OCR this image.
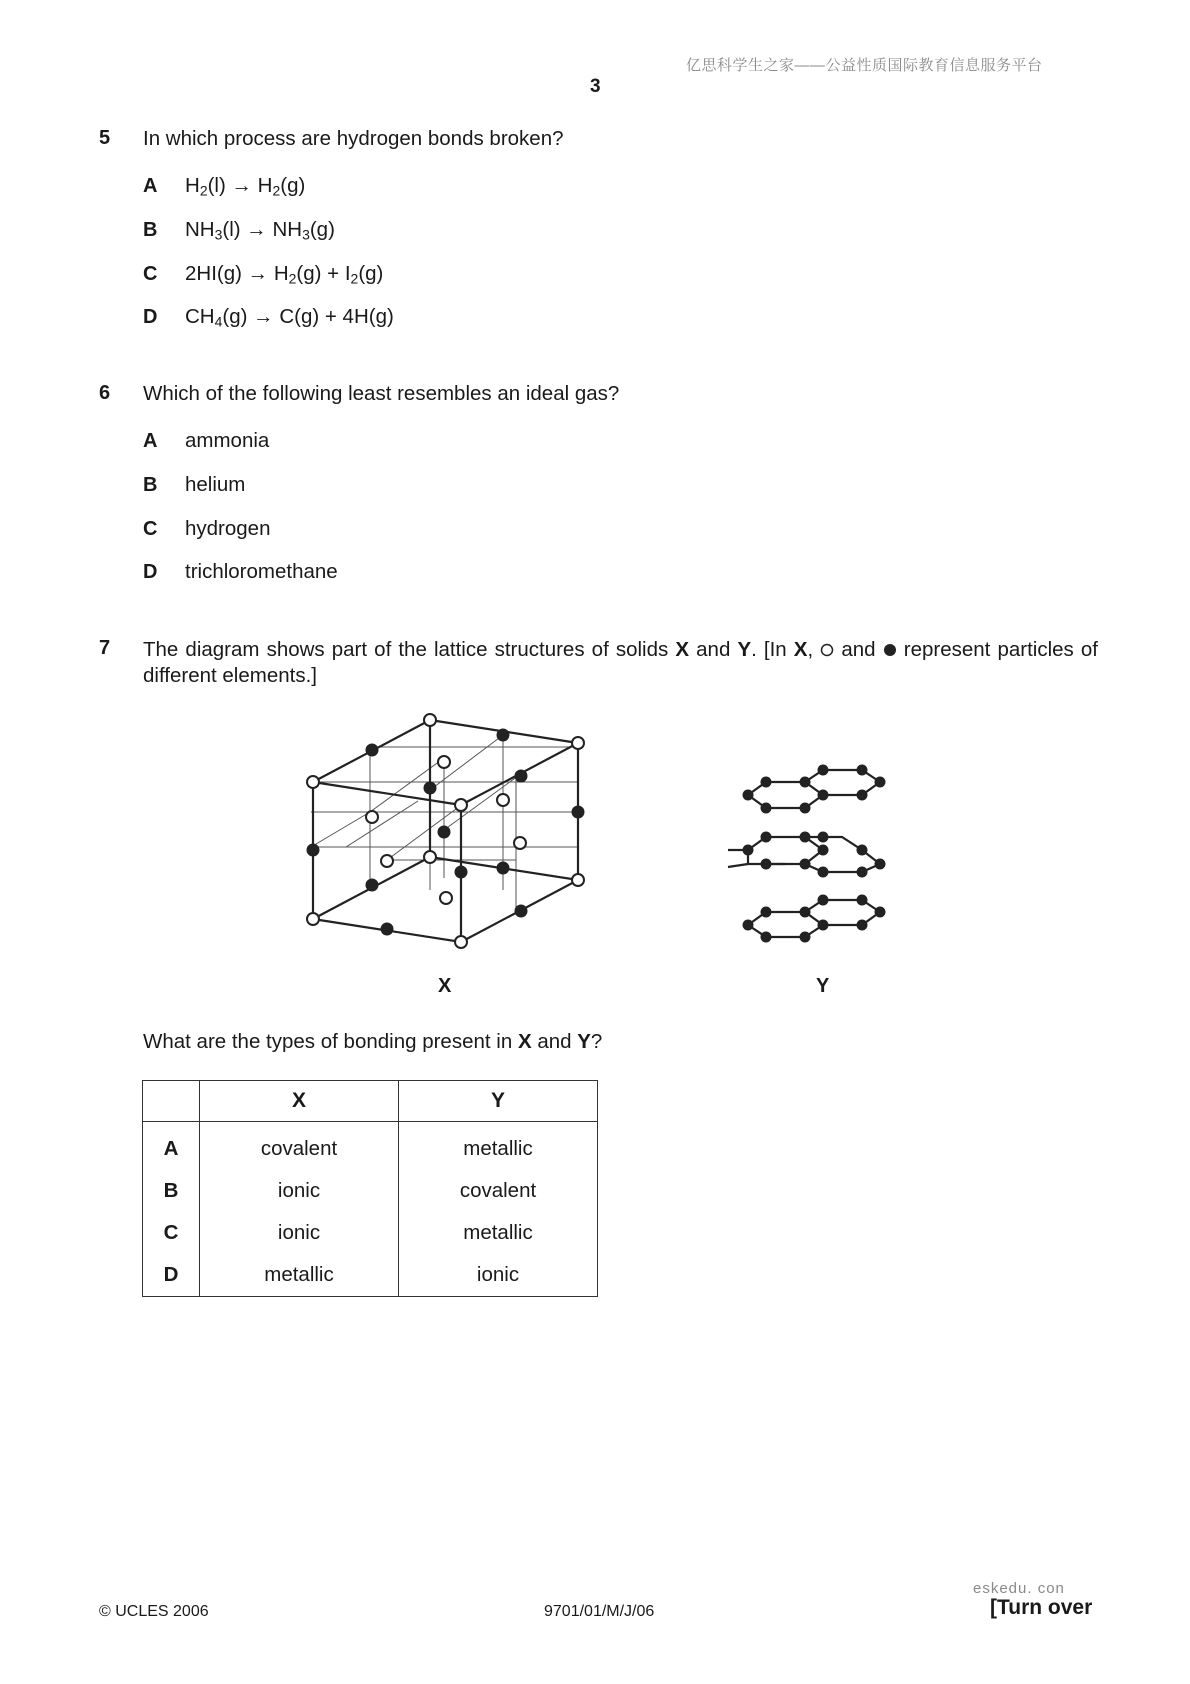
亿思科学生之家——公益性质国际教育信息服务平台
3
5 In which process are hydrogen bonds broken?
A $H_2(l) \to H_2(g)$
B $NH_3(l) \to NH_3(g)$
C $2HI(g) \to H_2(g) + I_2(g)$
D $CH_4(g) \to C(g) + 4H(g)$
6 Which of the following least resembles an ideal gas?
A ammonia
B helium
C hydrogen
D trichloromethane
7 The diagram shows part of the lattice structures of solids X and Y. [In X,  and  represent particles of different elements.]
X	Y
What are the types of bonding present in X and Y?
	X	Y
A	covalent	metallic
B	ionic	covalent
C	ionic	metallic
D	metallic	ionic
eskedu. con
© UCLES 2006	9701/01/M/J/06	[Turn over
